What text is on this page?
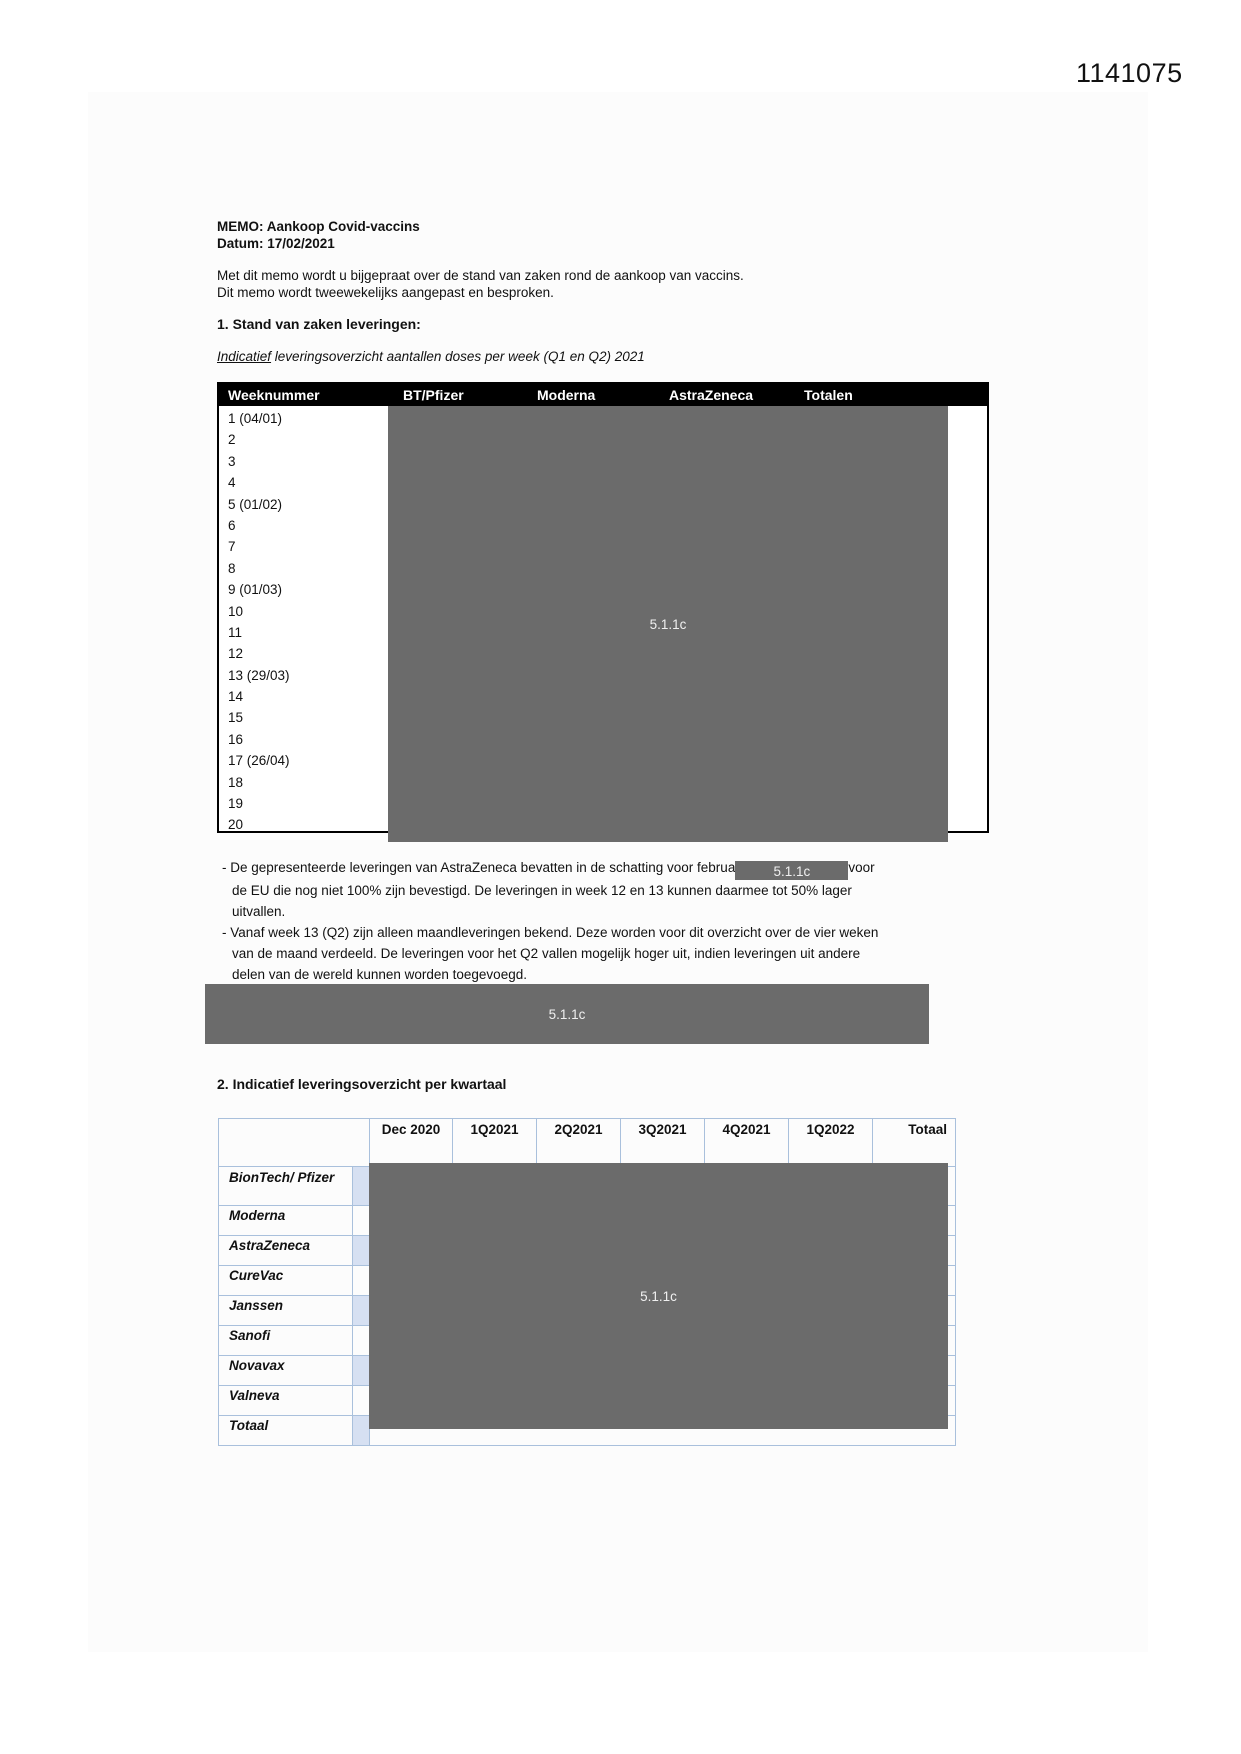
1141075
MEMO: Aankoop Covid-vaccins
Datum: 17/02/2021
Met dit memo wordt u bijgepraat over de stand van zaken rond de aankoop van vaccins.
Dit memo wordt tweewekelijks aangepast en besproken.
1. Stand van zaken leveringen:
Indicatief leveringsoverzicht aantallen doses per week (Q1 en Q2) 2021
Weeknummer	BT/Pfizer	Moderna	AstraZeneca	Totalen
1 (04/01)
2
3
4
5 (01/02)
6
7
8
9 (01/03)
10
11
12
13 (29/03)
14
15
16
17 (26/04)
18
19
20
5.1.1c

- De gepresenteerde leveringen van AstraZeneca bevatten in de schatting voor februa	5.1.1c	voor
de EU die nog niet 100% zijn bevestigd. De leveringen in week 12 en 13 kunnen daarmee tot 50% lager
uitvallen.

- Vanaf week 13 (Q2) zijn alleen maandleveringen bekend. Deze worden voor dit overzicht over de vier weken
van de maand verdeeld. De leveringen voor het Q2 vallen mogelijk hoger uit, indien leveringen uit andere
delen van de wereld kunnen worden toegevoegd.

5.1.1c
2. Indicatief leveringsoverzicht per kwartaal
		Dec 2020	1Q2021	2Q2021	3Q2021	4Q2021	1Q2022	Totaal
BionTech/ Pfizer								
Moderna								
AstraZeneca								
CureVac								
Janssen								
Sanofi								
Novavax								
Valneva								
Totaal								
5.1.1c
